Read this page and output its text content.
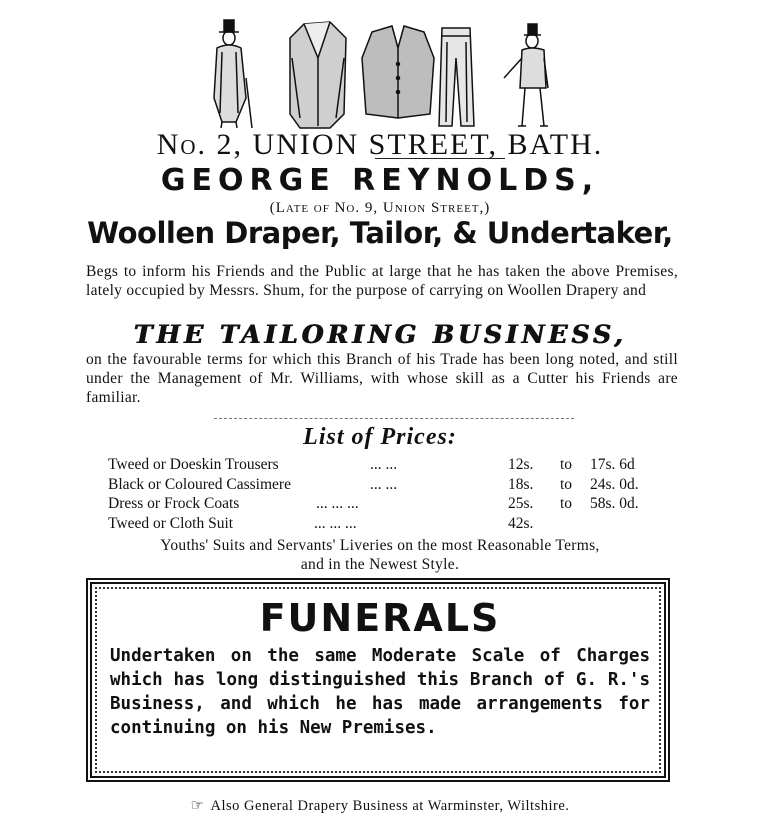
No. 2, UNION STREET, BATH.
GEORGE REYNOLDS,
(Late of No. 9, Union Street,)
Woollen Draper, Tailor, & Undertaker,
Begs to inform his Friends and the Public at large that he has taken the above Premises, lately occupied by Messrs. Shum, for the purpose of carrying on Woollen Drapery and
THE TAILORING BUSINESS,
on the favourable terms for which this Branch of his Trade has been long noted, and still under the Management of Mr. Williams, with whose skill as a Cutter his Friends are familiar.
List of Prices:
Tweed or Doeskin Trousers	... ...	12s. to 17s. 6d
Black or Coloured Cassimere	... ...	18s. to 24s. 0d.
Dress or Frock Coats	... ... ...	25s. to 58s. 0d.
Tweed or Cloth Suit	... ... ...	42s.
Youths' Suits and Servants' Liveries on the most Reasonable Terms,
and in the Newest Style.
FUNERALS
Undertaken on the same Moderate Scale of Charges which has long distinguished this Branch of G. R.'s Business, and which he has made arrangements for continuing on his New Premises.
☞ Also General Drapery Business at Warminster, Wiltshire.
